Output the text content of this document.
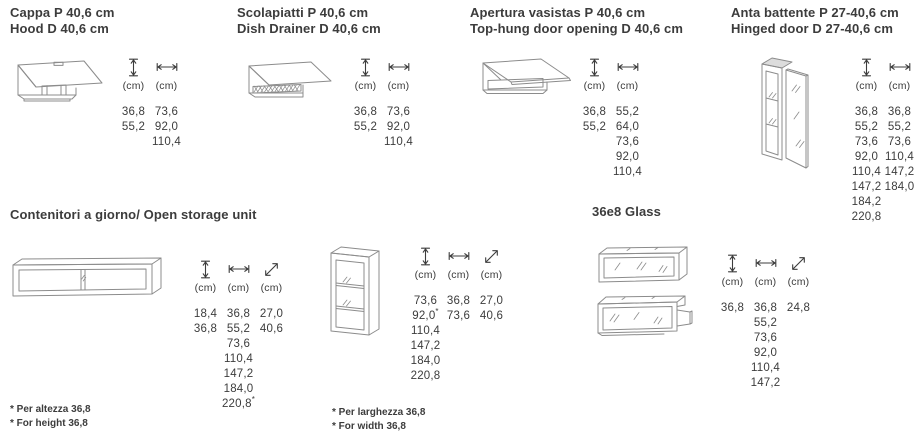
Cappa P 40,6 cm
Hood D 40,6 cm
(cm)
36,8
55,2
(cm)
73,6
92,0
110,4
Scolapiatti P 40,6 cm
Dish Drainer D 40,6 cm
(cm)
36,8
55,2
(cm)
73,6
92,0
110,4
Apertura vasistas P 40,6 cm
Top-hung door opening D 40,6 cm
(cm)
36,8
55,2
(cm)
55,2
64,0
73,6
92,0
110,4
Anta battente P 27-40,6 cm
Hinged door D 27-40,6 cm
(cm)
36,8
55,2
73,6
92,0
110,4
147,2
184,2
220,8
(cm)
36,8
55,2
73,6
110,4
147,2
184,0
Contenitori a giorno/ Open storage unit
(cm)
18,4
36,8
(cm)
36,8
55,2
73,6
110,4
147,2
184,0
220,8*
(cm)
27,0
40,6
(cm)
73,6
92,0*
110,4
147,2
184,0
220,8
(cm)
36,8
73,6
(cm)
27,0
40,6
* Per altezza 36,8
* For height 36,8
* Per larghezza 36,8
* For width 36,8
36e8 Glass
(cm)
36,8
(cm)
36,8
55,2
73,6
92,0
110,4
147,2
(cm)
24,8
